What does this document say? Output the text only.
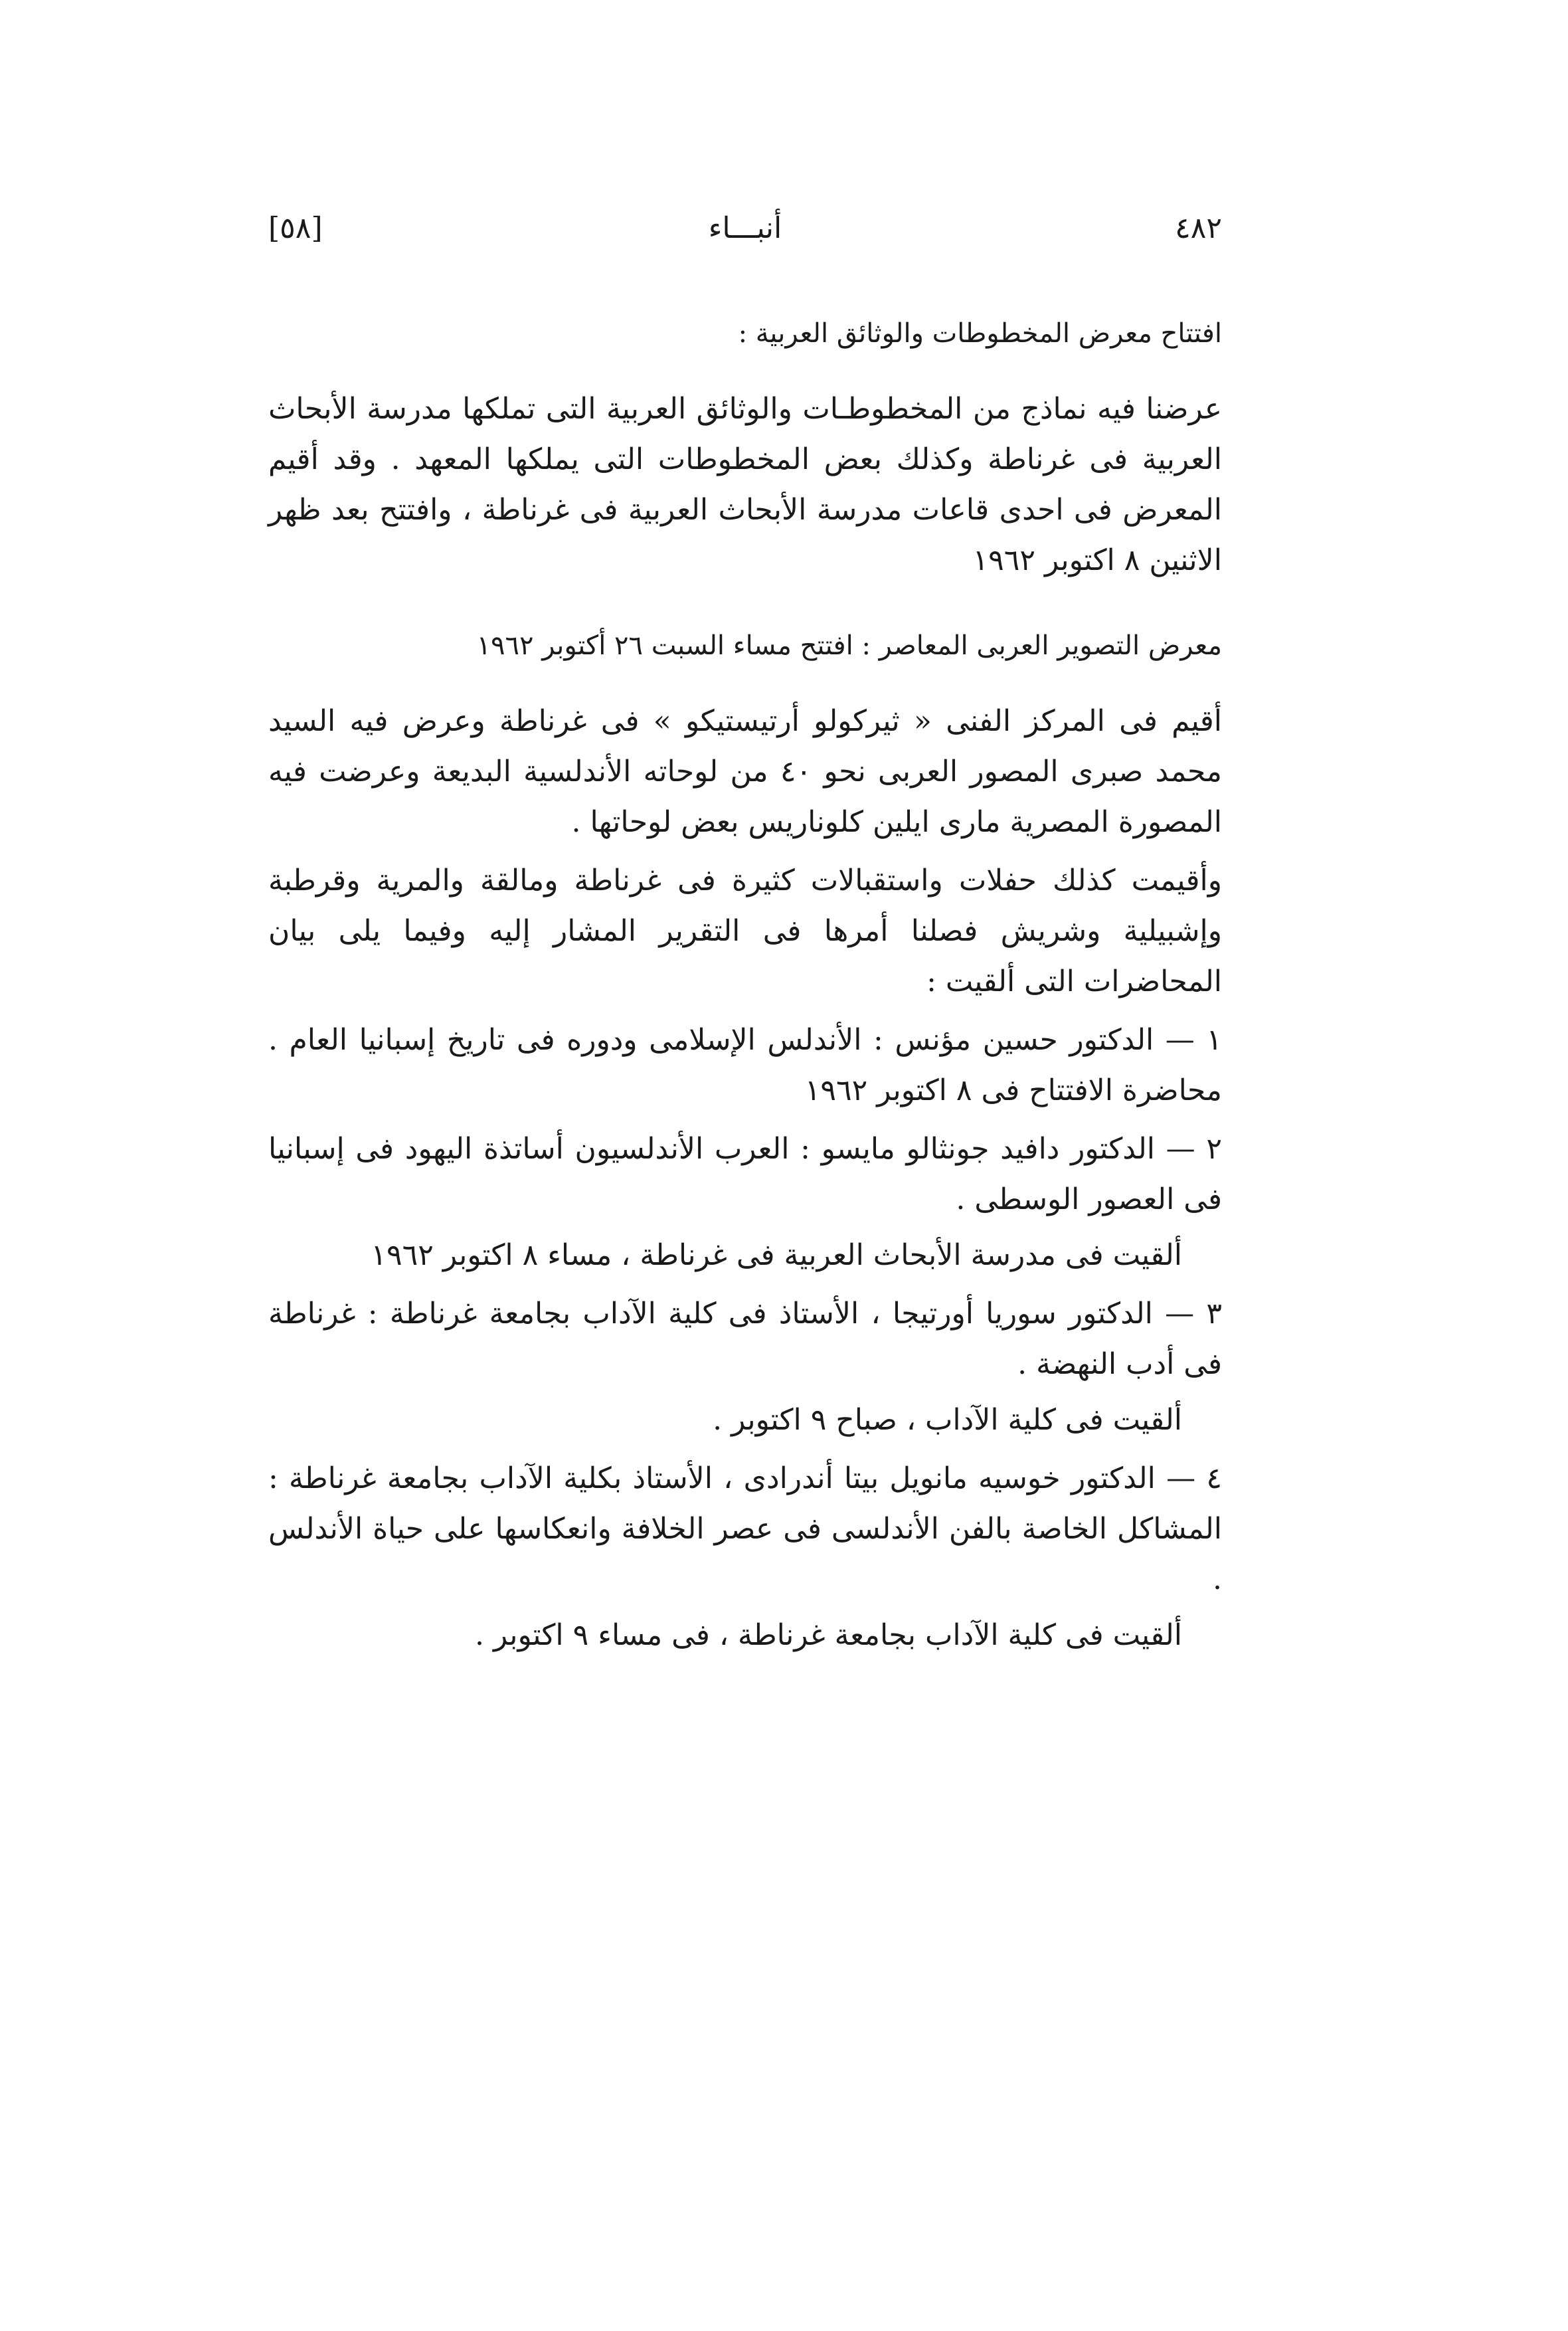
[٥٨]	أنبـــاء	٤٨٢

افتتاح معرض المخطوطات والوثائق العربية :

عرضنا فيه نماذج من المخطوطـات والوثائق العربية التى تملكها مدرسة الأبحاث العربية فى غرناطة وكذلك بعض المخطوطات التى يملكها المعهد . وقد أقيم المعرض فى احدى قاعات مدرسة الأبحاث العربية فى غرناطة ، وافتتح بعد ظهر الاثنين ٨ اكتوبر ١٩٦٢

معرض التصوير العربى المعاصر : افتتح مساء السبت ٢٦ أكتوبر ١٩٦٢

أقيم فى المركز الفنى « ثيركولو أرتيستيكو » فى غرناطة وعرض فيه السيد محمد صبرى المصور العربى نحو ٤٠ من لوحاته الأندلسية البديعة وعرضت فيه المصورة المصرية مارى ايلين كلوناريس بعض لوحاتها .

وأقيمت كذلك حفلات واستقبالات كثيرة فى غرناطة ومالقة والمرية وقرطبة وإشبيلية وشريش فصلنا أمرها فى التقرير المشار إليه وفيما يلى بيان المحاضرات التى ألقيت :

١ — الدكتور حسين مؤنس : الأندلس الإسلامى ودوره فى تاريخ إسبانيا العام . محاضرة الافتتاح فى ٨ اكتوبر ١٩٦٢

٢ — الدكتور دافيد جونثالو مايسو : العرب الأندلسيون أساتذة اليهود فى إسبانيا فى العصور الوسطى .

ألقيت فى مدرسة الأبحاث العربية فى غرناطة ، مساء ٨ اكتوبر ١٩٦٢

٣ — الدكتور سوريا أورتيجا ، الأستاذ فى كلية الآداب بجامعة غرناطة : غرناطة فى أدب النهضة .

ألقيت فى كلية الآداب ، صباح ٩ اكتوبر .

٤ — الدكتور خوسيه مانويل بيتا أندرادى ، الأستاذ بكلية الآداب بجامعة غرناطة : المشاكل الخاصة بالفن الأندلسى فى عصر الخلافة وانعكاسها على حياة الأندلس .

ألقيت فى كلية الآداب بجامعة غرناطة ، فى مساء ٩ اكتوبر .
